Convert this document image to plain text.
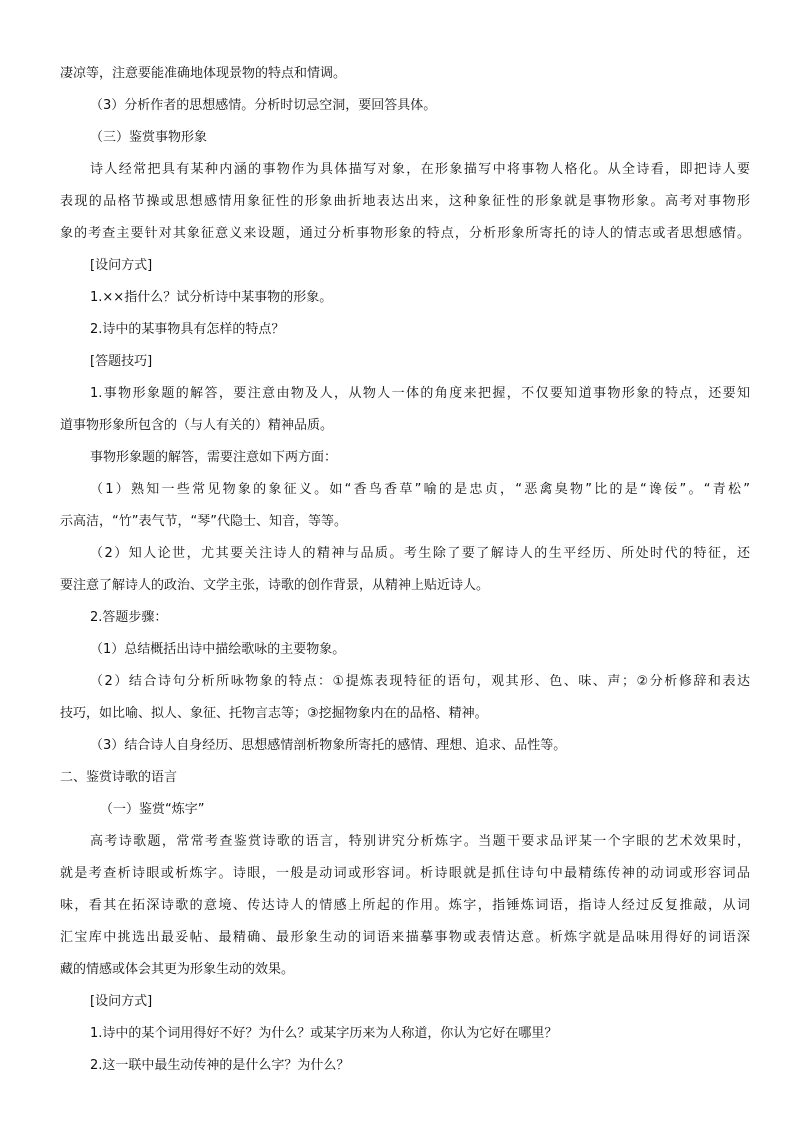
凄凉等，注意要能准确地体现景物的特点和情调。
（3）分析作者的思想感情。分析时切忌空洞，要回答具体。
（三）鉴赏事物形象
诗人经常把具有某种内涵的事物作为具体描写对象，在形象描写中将事物人格化。从全诗看，即把诗人要
表现的品格节操或思想感情用象征性的形象曲折地表达出来，这种象征性的形象就是事物形象。高考对事物形
象的考查主要针对其象征意义来设题，通过分析事物形象的特点，分析形象所寄托的诗人的情志或者思想感情。
[设问方式]
1.××指什么？试分析诗中某事物的形象。
2.诗中的某事物具有怎样的特点？
[答题技巧]
1.事物形象题的解答，要注意由物及人，从物人一体的角度来把握，不仅要知道事物形象的特点，还要知
道事物形象所包含的（与人有关的）精神品质。
事物形象题的解答，需要注意如下两方面：
（1）熟知一些常见物象的象征义。如“香鸟香草”喻的是忠贞，“恶禽臭物”比的是“谗佞”。“青松”
示高洁，“竹”表气节，“琴”代隐士、知音，等等。
（2）知人论世，尤其要关注诗人的精神与品质。考生除了要了解诗人的生平经历、所处时代的特征，还
要注意了解诗人的政治、文学主张，诗歌的创作背景，从精神上贴近诗人。
2.答题步骤：
（1）总结概括出诗中描绘歌咏的主要物象。
（2）结合诗句分析所咏物象的特点：①提炼表现特征的语句，观其形、色、味、声；②分析修辞和表达
技巧，如比喻、拟人、象征、托物言志等；③挖掘物象内在的品格、精神。
（3）结合诗人自身经历、思想感情剖析物象所寄托的感情、理想、追求、品性等。
二、鉴赏诗歌的语言
（一）鉴赏“炼字”
高考诗歌题，常常考查鉴赏诗歌的语言，特别讲究分析炼字。当题干要求品评某一个字眼的艺术效果时，
就是考查析诗眼或析炼字。诗眼，一般是动词或形容词。析诗眼就是抓住诗句中最精练传神的动词或形容词品
味，看其在拓深诗歌的意境、传达诗人的情感上所起的作用。炼字，指锤炼词语，指诗人经过反复推敲，从词
汇宝库中挑选出最妥帖、最精确、最形象生动的词语来描摹事物或表情达意。析炼字就是品味用得好的词语深
藏的情感或体会其更为形象生动的效果。
[设问方式]
1.诗中的某个词用得好不好？为什么？或某字历来为人称道，你认为它好在哪里？
2.这一联中最生动传神的是什么字？为什么？
